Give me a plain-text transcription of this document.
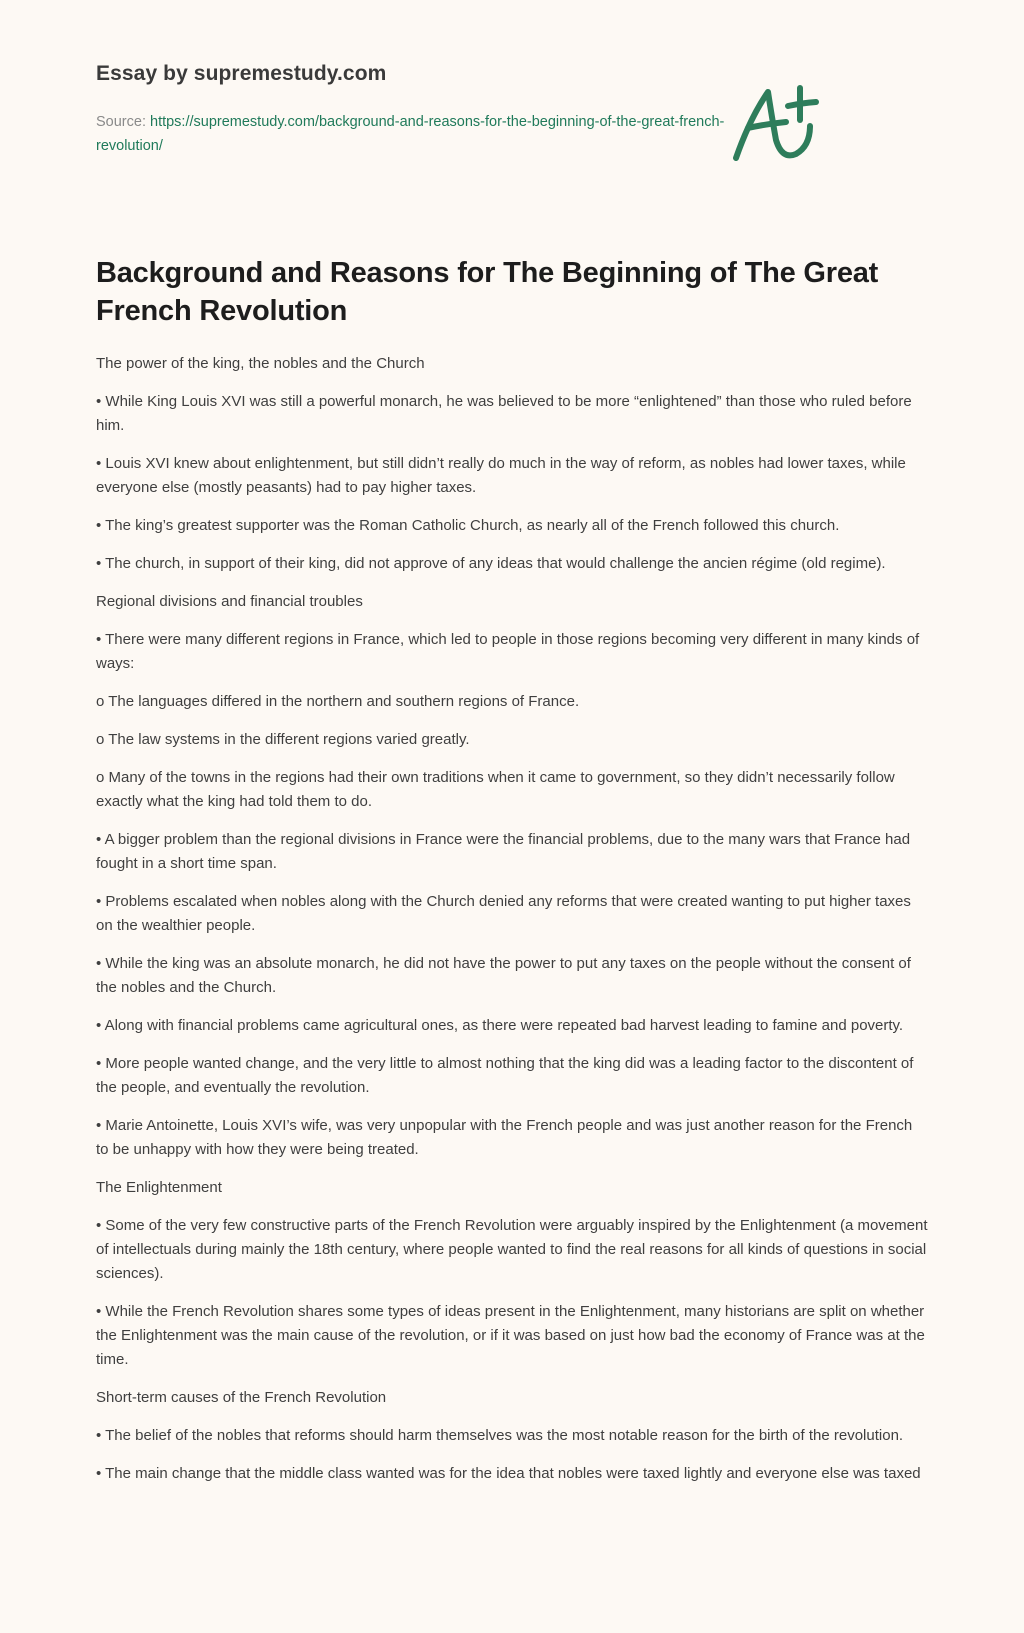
Essay by supremestudy.com
Source: https://supremestudy.com/background-and-reasons-for-the-beginning-of-the-great-french-revolution/
Background and Reasons for The Beginning of The Great French Revolution

The power of the king, the nobles and the Church

• While King Louis XVI was still a powerful monarch, he was believed to be more “enlightened” than those who ruled before him.

• Louis XVI knew about enlightenment, but still didn’t really do much in the way of reform, as nobles had lower taxes, while everyone else (mostly peasants) had to pay higher taxes.

• The king’s greatest supporter was the Roman Catholic Church, as nearly all of the French followed this church.

• The church, in support of their king, did not approve of any ideas that would challenge the ancien régime (old regime).

Regional divisions and financial troubles

• There were many different regions in France, which led to people in those regions becoming very different in many kinds of ways:

o The languages differed in the northern and southern regions of France.

o The law systems in the different regions varied greatly.

o Many of the towns in the regions had their own traditions when it came to government, so they didn’t necessarily follow exactly what the king had told them to do.

• A bigger problem than the regional divisions in France were the financial problems, due to the many wars that France had fought in a short time span.

• Problems escalated when nobles along with the Church denied any reforms that were created wanting to put higher taxes on the wealthier people.

• While the king was an absolute monarch, he did not have the power to put any taxes on the people without the consent of the nobles and the Church.

• Along with financial problems came agricultural ones, as there were repeated bad harvest leading to famine and poverty.

• More people wanted change, and the very little to almost nothing that the king did was a leading factor to the discontent of the people, and eventually the revolution.

• Marie Antoinette, Louis XVI’s wife, was very unpopular with the French people and was just another reason for the French to be unhappy with how they were being treated.

The Enlightenment

• Some of the very few constructive parts of the French Revolution were arguably inspired by the Enlightenment (a movement of intellectuals during mainly the 18th century, where people wanted to find the real reasons for all kinds of questions in social sciences).

• While the French Revolution shares some types of ideas present in the Enlightenment, many historians are split on whether the Enlightenment was the main cause of the revolution, or if it was based on just how bad the economy of France was at the time.

Short-term causes of the French Revolution

• The belief of the nobles that reforms should harm themselves was the most notable reason for the birth of the revolution.

• The main change that the middle class wanted was for the idea that nobles were taxed lightly and everyone else was taxed
